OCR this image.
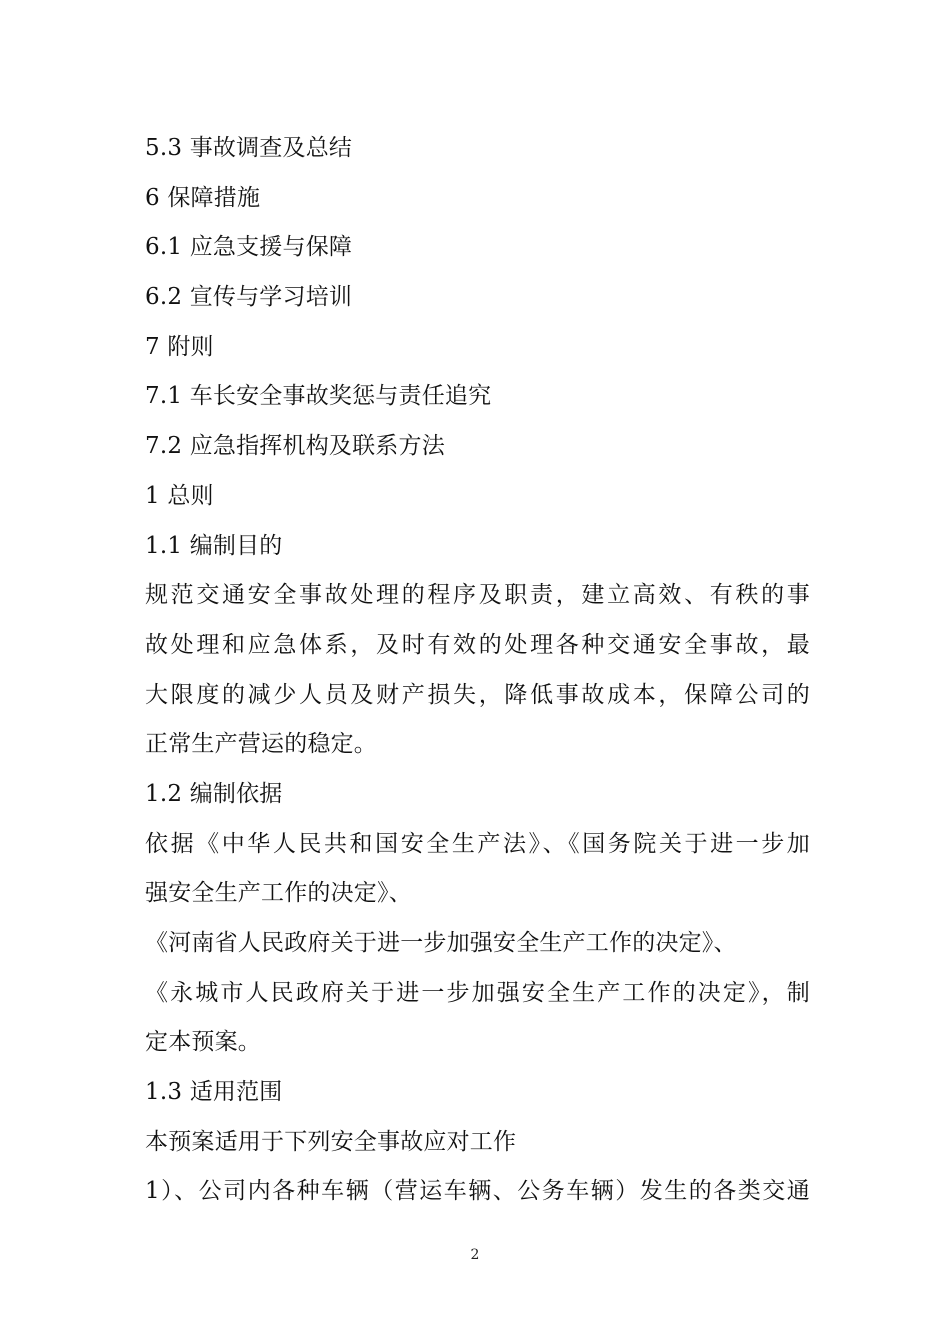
5.3 事故调查及总结
6 保障措施
6.1 应急支援与保障
6.2 宣传与学习培训
7 附则
7.1 车长安全事故奖惩与责任追究
7.2 应急指挥机构及联系方法
1 总则
1.1 编制目的
规范交通安全事故处理的程序及职责，建立高效、有秩的事
故处理和应急体系，及时有效的处理各种交通安全事故，最
大限度的减少人员及财产损失，降低事故成本，保障公司的
正常生产营运的稳定。
1.2 编制依据
依据《中华人民共和国安全生产法》、《国务院关于进一步加
强安全生产工作的决定》、
《河南省人民政府关于进一步加强安全生产工作的决定》、
《永城市人民政府关于进一步加强安全生产工作的决定》，制
定本预案。
1.3 适用范围
本预案适用于下列安全事故应对工作
1）、公司内各种车辆（营运车辆、公务车辆）发生的各类交通
2
